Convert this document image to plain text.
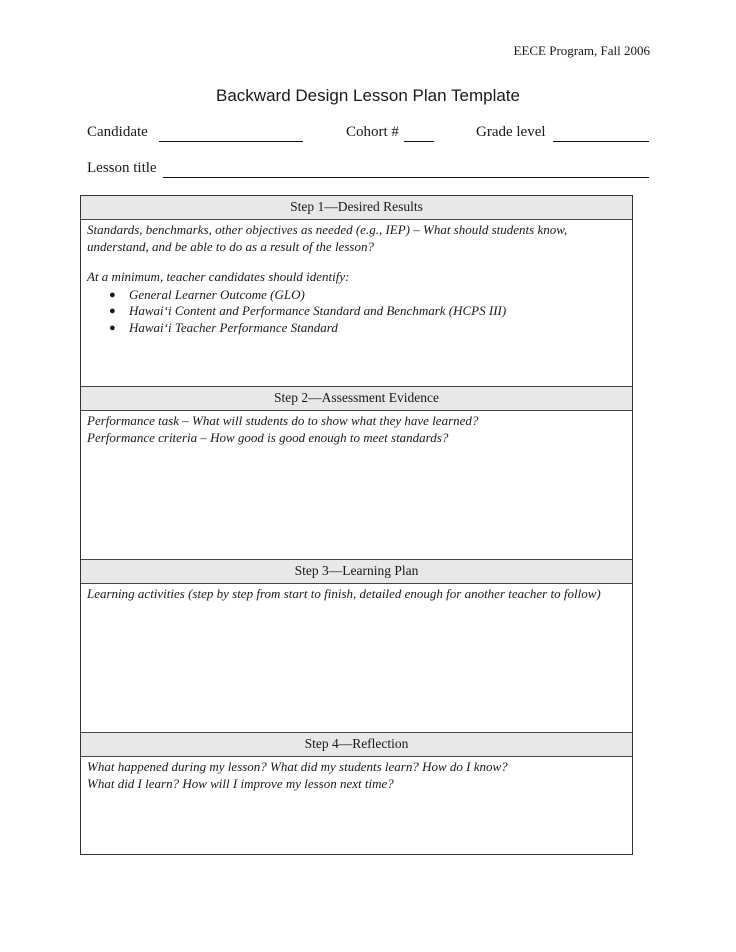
EECE Program, Fall 2006
Backward Design Lesson Plan Template
Candidate	Cohort #	Grade level
Lesson title
Step 1—Desired Results

Standards, benchmarks, other objectives as needed (e.g., IEP) – What should students know,

understand, and be able to do as a result of the lesson?

At a minimum, teacher candidates should identify:

● General Learner Outcome (GLO)
● Hawai‘i Content and Performance Standard and Benchmark (HCPS III)
● Hawai‘i Teacher Performance Standard
Step 2—Assessment Evidence

Performance task – What will students do to show what they have learned?

Performance criteria – How good is good enough to meet standards?

Step 3—Learning Plan

Learning activities (step by step from start to finish, detailed enough for another teacher to follow)

Step 4—Reflection

What happened during my lesson? What did my students learn? How do I know?

What did I learn? How will I improve my lesson next time?
